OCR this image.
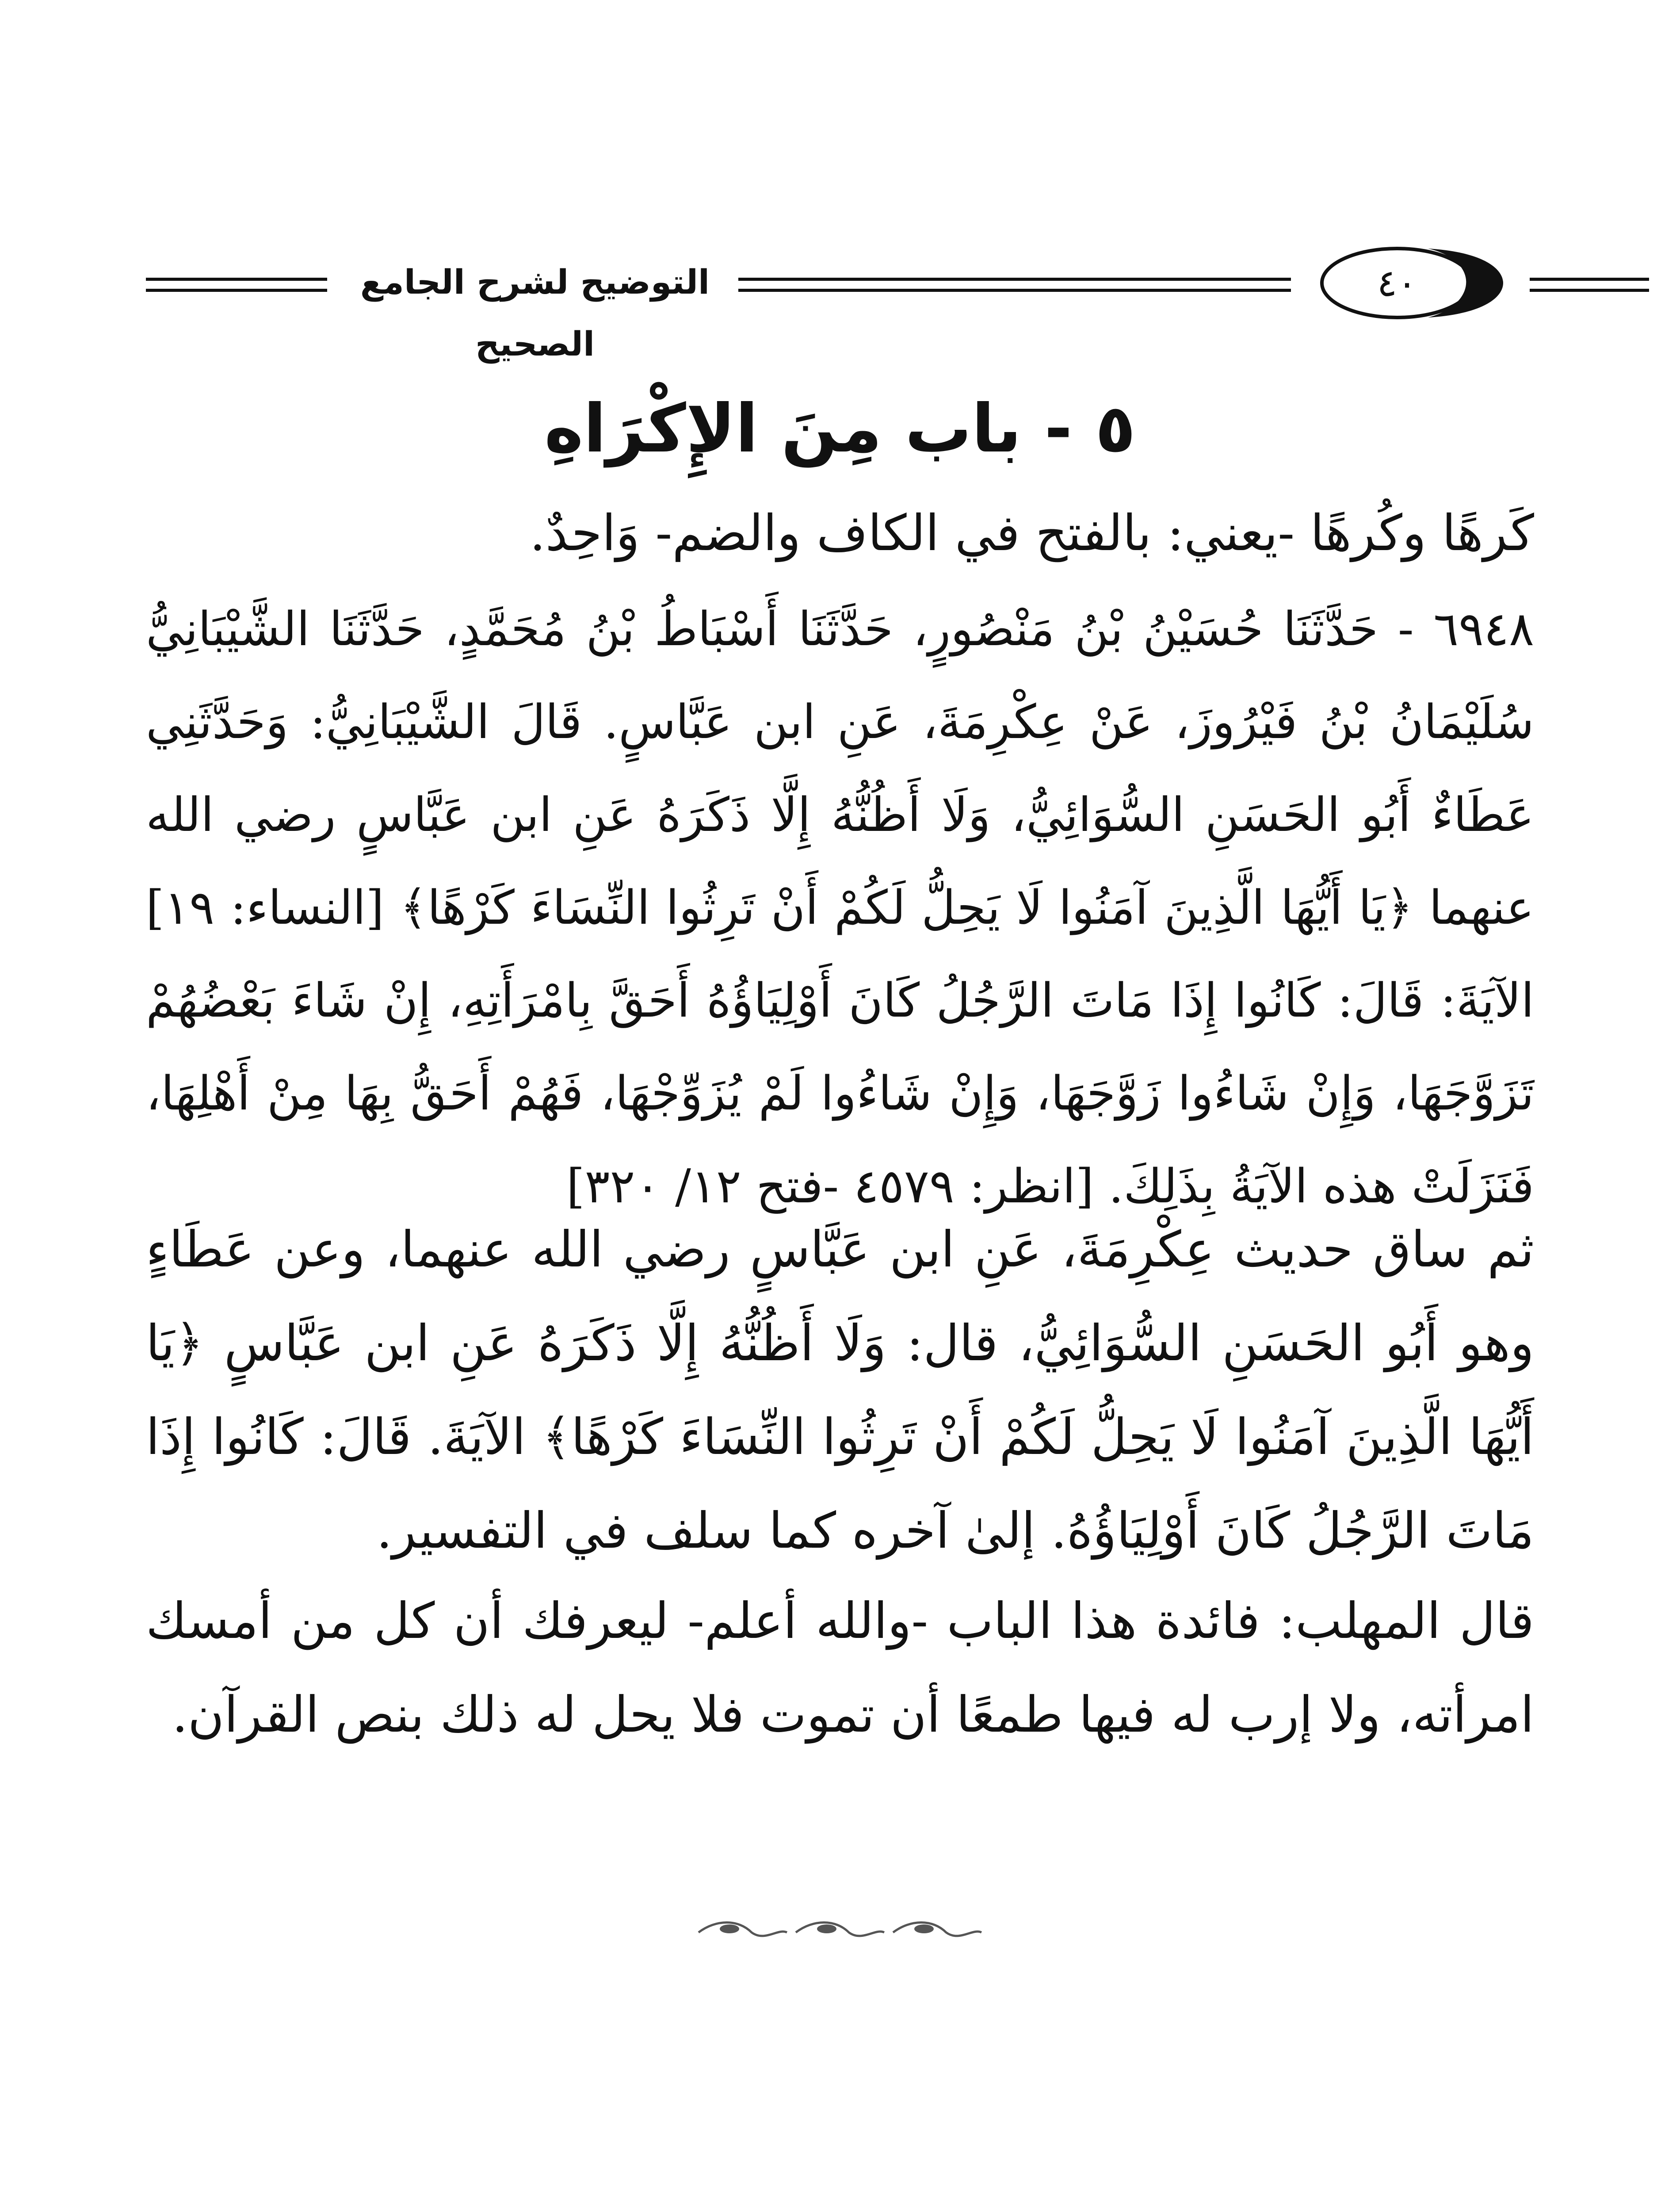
التوضيح لشرح الجامع الصحيح
٤٠
٥ - باب مِنَ الإِكْرَاهِ

كَرهًا وكُرهًا -يعني: بالفتح في الكاف والضم- وَاحِدٌ.

٦٩٤٨ - حَدَّثَنَا حُسَيْنُ بْنُ مَنْصُورٍ، حَدَّثَنَا أَسْبَاطُ بْنُ مُحَمَّدٍ، حَدَّثَنَا الشَّيْبَانِيُّ سُلَيْمَانُ بْنُ فَيْرُوزَ، عَنْ عِكْرِمَةَ، عَنِ ابن عَبَّاسٍ. قَالَ الشَّيْبَانِيُّ: وَحَدَّثَنِي عَطَاءٌ أَبُو الحَسَنِ السُّوَائِيُّ، وَلَا أَظُنُّهُ إِلَّا ذَكَرَهُ عَنِ ابن عَبَّاسٍ رضي الله عنهما ﴿يَا أَيُّهَا الَّذِينَ آمَنُوا لَا يَحِلُّ لَكُمْ أَنْ تَرِثُوا النِّسَاءَ كَرْهًا﴾ [النساء: ١٩] الآيَةَ: قَالَ: كَانُوا إِذَا مَاتَ الرَّجُلُ كَانَ أَوْلِيَاؤُهُ أَحَقَّ بِامْرَأَتِهِ، إِنْ شَاءَ بَعْضُهُمْ تَزَوَّجَهَا، وَإِنْ شَاءُوا زَوَّجَهَا، وَإِنْ شَاءُوا لَمْ يُزَوِّجْهَا، فَهُمْ أَحَقُّ بِهَا مِنْ أَهْلِهَا، فَنَزَلَتْ هذه الآيَةُ بِذَلِكَ. [انظر: ٤٥٧٩ -فتح ١٢/ ٣٢٠]

ثم ساق حديث عِكْرِمَةَ، عَنِ ابن عَبَّاسٍ رضي الله عنهما، وعن عَطَاءٍ وهو أَبُو الحَسَنِ السُّوَائِيُّ، قال: وَلَا أَظُنُّهُ إِلَّا ذَكَرَهُ عَنِ ابن عَبَّاسٍ ﴿يَا أَيُّهَا الَّذِينَ آمَنُوا لَا يَحِلُّ لَكُمْ أَنْ تَرِثُوا النِّسَاءَ كَرْهًا﴾ الآيَةَ. قَالَ: كَانُوا إِذَا مَاتَ الرَّجُلُ كَانَ أَوْلِيَاؤُهُ. إلىٰ آخره كما سلف في التفسير.

قال المهلب: فائدة هذا الباب -والله أعلم- ليعرفك أن كل من أمسك امرأته، ولا إرب له فيها طمعًا أن تموت فلا يحل له ذلك بنص القرآن.
